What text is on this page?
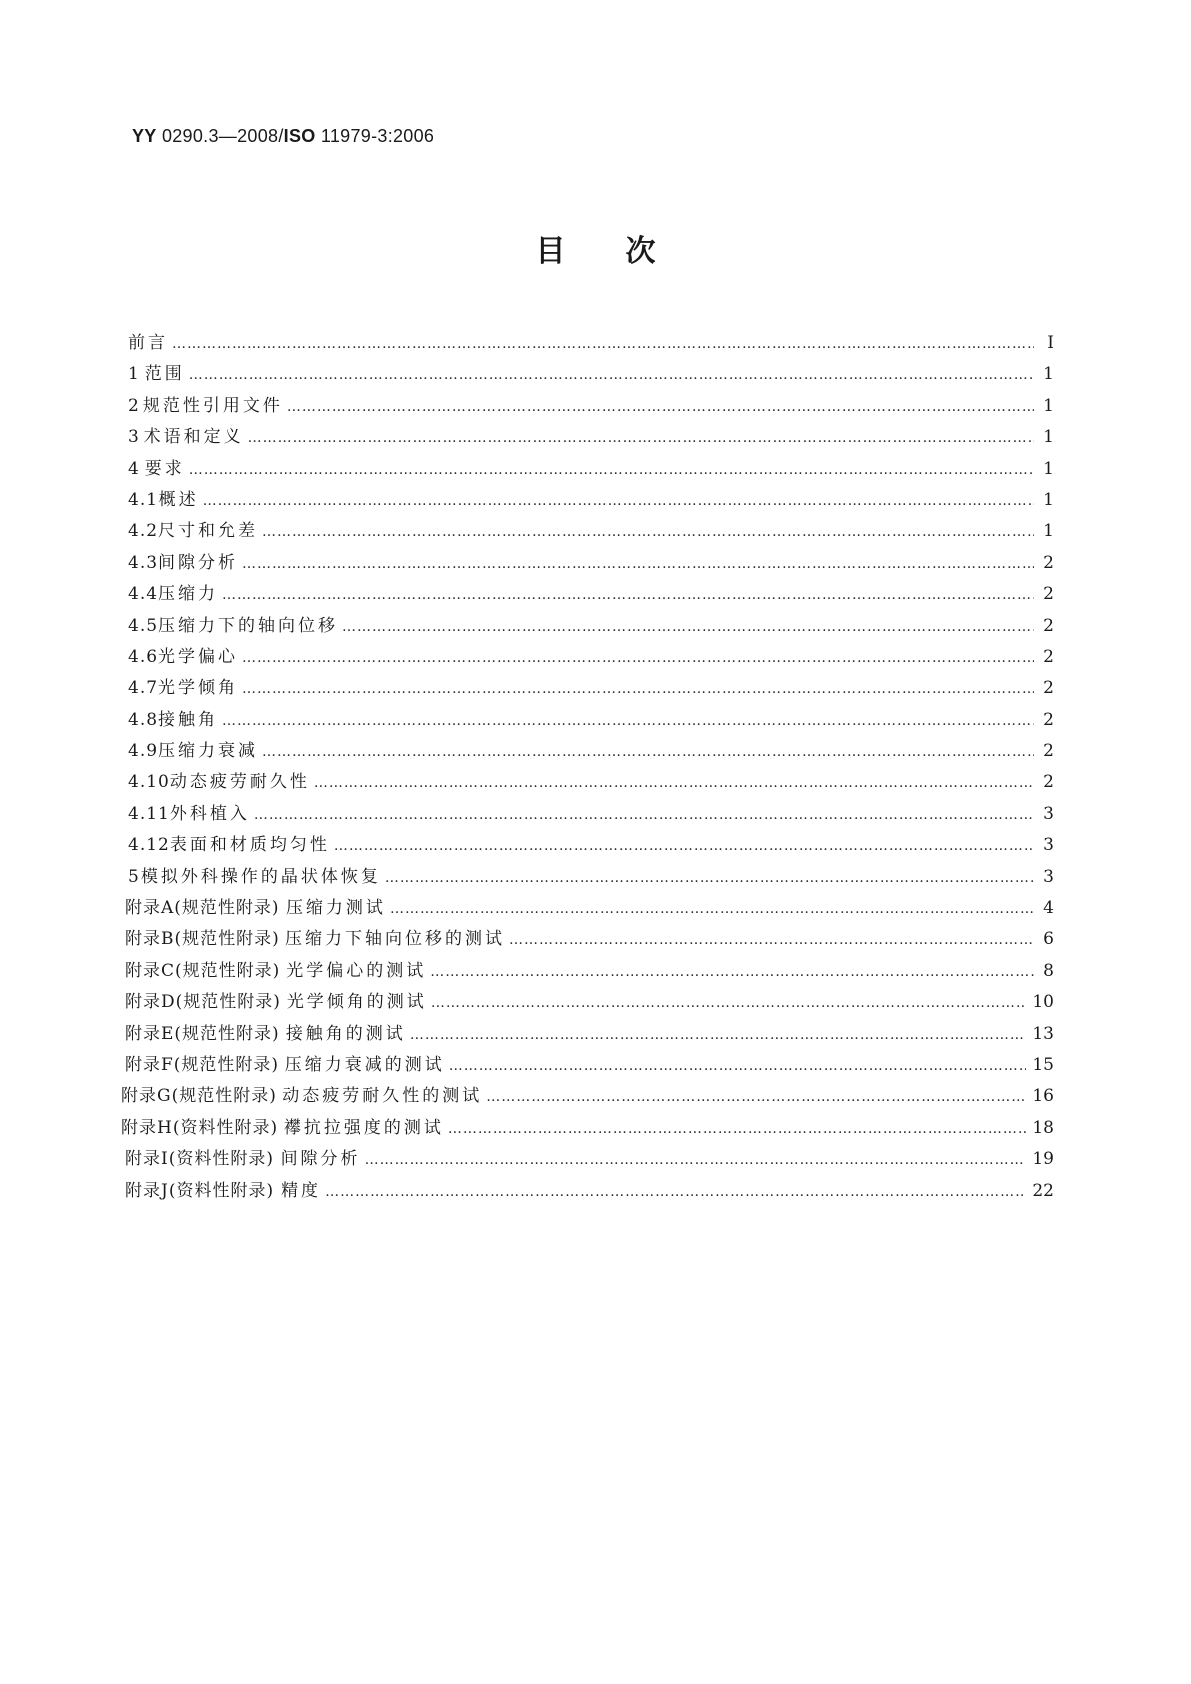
YY 0290.3—2008/ISO 11979-3:2006
目次
前言 …………………………………………………………………………………………………………………………………………………………………………………………………………………………………………………………	I
1 范围 …………………………………………………………………………………………………………………………………………………………………………………………………………………………………………………………	1
2 规范性引用文件 …………………………………………………………………………………………………………………………………………………………………………………………………………………………………………………………	1
3 术语和定义 …………………………………………………………………………………………………………………………………………………………………………………………………………………………………………………………	1
4 要求 …………………………………………………………………………………………………………………………………………………………………………………………………………………………………………………………	1
4.1 概述 …………………………………………………………………………………………………………………………………………………………………………………………………………………………………………………………	1
4.2 尺寸和允差 …………………………………………………………………………………………………………………………………………………………………………………………………………………………………………………………	1
4.3 间隙分析 …………………………………………………………………………………………………………………………………………………………………………………………………………………………………………………………	2
4.4 压缩力 …………………………………………………………………………………………………………………………………………………………………………………………………………………………………………………………	2
4.5 压缩力下的轴向位移 …………………………………………………………………………………………………………………………………………………………………………………………………………………………………………………………	2
4.6 光学偏心 …………………………………………………………………………………………………………………………………………………………………………………………………………………………………………………………	2
4.7 光学倾角 …………………………………………………………………………………………………………………………………………………………………………………………………………………………………………………………	2
4.8 接触角 …………………………………………………………………………………………………………………………………………………………………………………………………………………………………………………………	2
4.9 压缩力衰减 …………………………………………………………………………………………………………………………………………………………………………………………………………………………………………………………	2
4.10 动态疲劳耐久性 …………………………………………………………………………………………………………………………………………………………………………………………………………………………………………………………	2
4.11 外科植入 …………………………………………………………………………………………………………………………………………………………………………………………………………………………………………………………	3
4.12 表面和材质均匀性 …………………………………………………………………………………………………………………………………………………………………………………………………………………………………………………………	3
5 模拟外科操作的晶状体恢复 …………………………………………………………………………………………………………………………………………………………………………………………………………………………………………………………	3
附录A(规范性附录) 压缩力测试 …………………………………………………………………………………………………………………………………………………………………………………………………………………………………………………………	4
附录B(规范性附录) 压缩力下轴向位移的测试 …………………………………………………………………………………………………………………………………………………………………………………………………………………………………………………………	6
附录C(规范性附录) 光学偏心的测试 …………………………………………………………………………………………………………………………………………………………………………………………………………………………………………………………	8
附录D(规范性附录) 光学倾角的测试 …………………………………………………………………………………………………………………………………………………………………………………………………………………………………………………………	10
附录E(规范性附录) 接触角的测试 …………………………………………………………………………………………………………………………………………………………………………………………………………………………………………………………	13
附录F(规范性附录) 压缩力衰减的测试 …………………………………………………………………………………………………………………………………………………………………………………………………………………………………………………………	15
附录G(规范性附录) 动态疲劳耐久性的测试 …………………………………………………………………………………………………………………………………………………………………………………………………………………………………………………………	16
附录H(资料性附录) 襻抗拉强度的测试 …………………………………………………………………………………………………………………………………………………………………………………………………………………………………………………………	18
附录I(资料性附录) 间隙分析 …………………………………………………………………………………………………………………………………………………………………………………………………………………………………………………………	19
附录J(资料性附录) 精度 …………………………………………………………………………………………………………………………………………………………………………………………………………………………………………………………	22
